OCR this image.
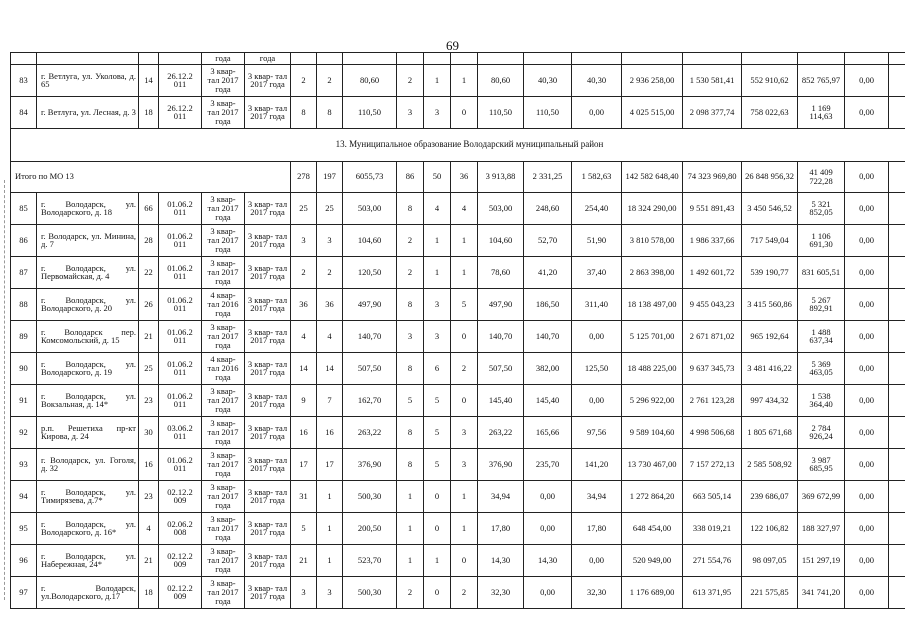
69
				года	года															
83	г. Ветлуга, ул. Уколова, д. 65	14	26.12.2 011	3 квар- тал 2017 года	3 квар- тал 2017 года	2	2	80,60	2	1	1	80,60	40,30	40,30	2 936 258,00	1 530 581,41	552 910,62	852 765,97	0,00	
84	г. Ветлуга, ул. Лесная, д. 3	18	26.12.2 011	3 квар- тал 2017 года	3 квар- тал 2017 года	8	8	110,50	3	3	0	110,50	110,50	0,00	4 025 515,00	2 098 377,74	758 022,63	1 169 114,63	0,00	
13. Муниципальное образование Володарский муниципальный район																				
Итого по МО 13						278	197	6055,73	86	50	36	3 913,88	2 331,25	1 582,63	142 582 648,40	74 323 969,80	26 848 956,32	41 409 722,28	0,00	
85	г. Володарск, ул. Володарского, д. 18	66	01.06.2 011	3 квар- тал 2017 года	3 квар- тал 2017 года	25	25	503,00	8	4	4	503,00	248,60	254,40	18 324 290,00	9 551 891,43	3 450 546,52	5 321 852,05	0,00	
86	г. Володарск, ул. Минина, д. 7	28	01.06.2 011	3 квар- тал 2017 года	3 квар- тал 2017 года	3	3	104,60	2	1	1	104,60	52,70	51,90	3 810 578,00	1 986 337,66	717 549,04	1 106 691,30	0,00	
87	г. Володарск, ул. Первомайская, д. 4	22	01.06.2 011	3 квар- тал 2017 года	3 квар- тал 2017 года	2	2	120,50	2	1	1	78,60	41,20	37,40	2 863 398,00	1 492 601,72	539 190,77	831 605,51	0,00	
88	г. Володарск, ул. Володарского, д. 20	26	01.06.2 011	4 квар- тал 2016 года	3 квар- тал 2017 года	36	36	497,90	8	3	5	497,90	186,50	311,40	18 138 497,00	9 455 043,23	3 415 560,86	5 267 892,91	0,00	
89	г. Володарск пер. Комсомольский, д. 15	21	01.06.2 011	3 квар- тал 2017 года	3 квар- тал 2017 года	4	4	140,70	3	3	0	140,70	140,70	0,00	5 125 701,00	2 671 871,02	965 192,64	1 488 637,34	0,00	
90	г. Володарск, ул. Володарского, д. 19	25	01.06.2 011	4 квар- тал 2016 года	3 квар- тал 2017 года	14	14	507,50	8	6	2	507,50	382,00	125,50	18 488 225,00	9 637 345,73	3 481 416,22	5 369 463,05	0,00	
91	г. Володарск, ул. Вокзальная, д. 14*	23	01.06.2 011	3 квар- тал 2017 года	3 квар- тал 2017 года	9	7	162,70	5	5	0	145,40	145,40	0,00	5 296 922,00	2 761 123,28	997 434,32	1 538 364,40	0,00	
92	р.п. Решетиха пр-кт Кирова, д. 24	30	03.06.2 011	3 квар- тал 2017 года	3 квар- тал 2017 года	16	16	263,22	8	5	3	263,22	165,66	97,56	9 589 104,60	4 998 506,68	1 805 671,68	2 784 926,24	0,00	
93	г. Володарск, ул. Гоголя, д. 32	16	01.06.2 011	3 квар- тал 2017 года	3 квар- тал 2017 года	17	17	376,90	8	5	3	376,90	235,70	141,20	13 730 467,00	7 157 272,13	2 585 508,92	3 987 685,95	0,00	
94	г. Володарск, ул. Тимирязева, д.7*	23	02.12.2 009	3 квар- тал 2017 года	3 квар- тал 2017 года	31	1	500,30	1	0	1	34,94	0,00	34,94	1 272 864,20	663 505,14	239 686,07	369 672,99	0,00	
95	г. Володарск, ул. Володарского, д. 16*	4	02.06.2 008	3 квар- тал 2017 года	3 квар- тал 2017 года	5	1	200,50	1	0	1	17,80	0,00	17,80	648 454,00	338 019,21	122 106,82	188 327,97	0,00	
96	г. Володарск, ул. Набережная, 24*	21	02.12.2 009	3 квар- тал 2017 года	3 квар- тал 2017 года	21	1	523,70	1	1	0	14,30	14,30	0,00	520 949,00	271 554,76	98 097,05	151 297,19	0,00	
97	г. Володарск, ул.Володарского, д.17	18	02.12.2 009	3 квар- тал 2017 года	3 квар- тал 2017 года	3	3	500,30	2	0	2	32,30	0,00	32,30	1 176 689,00	613 371,95	221 575,85	341 741,20	0,00	
